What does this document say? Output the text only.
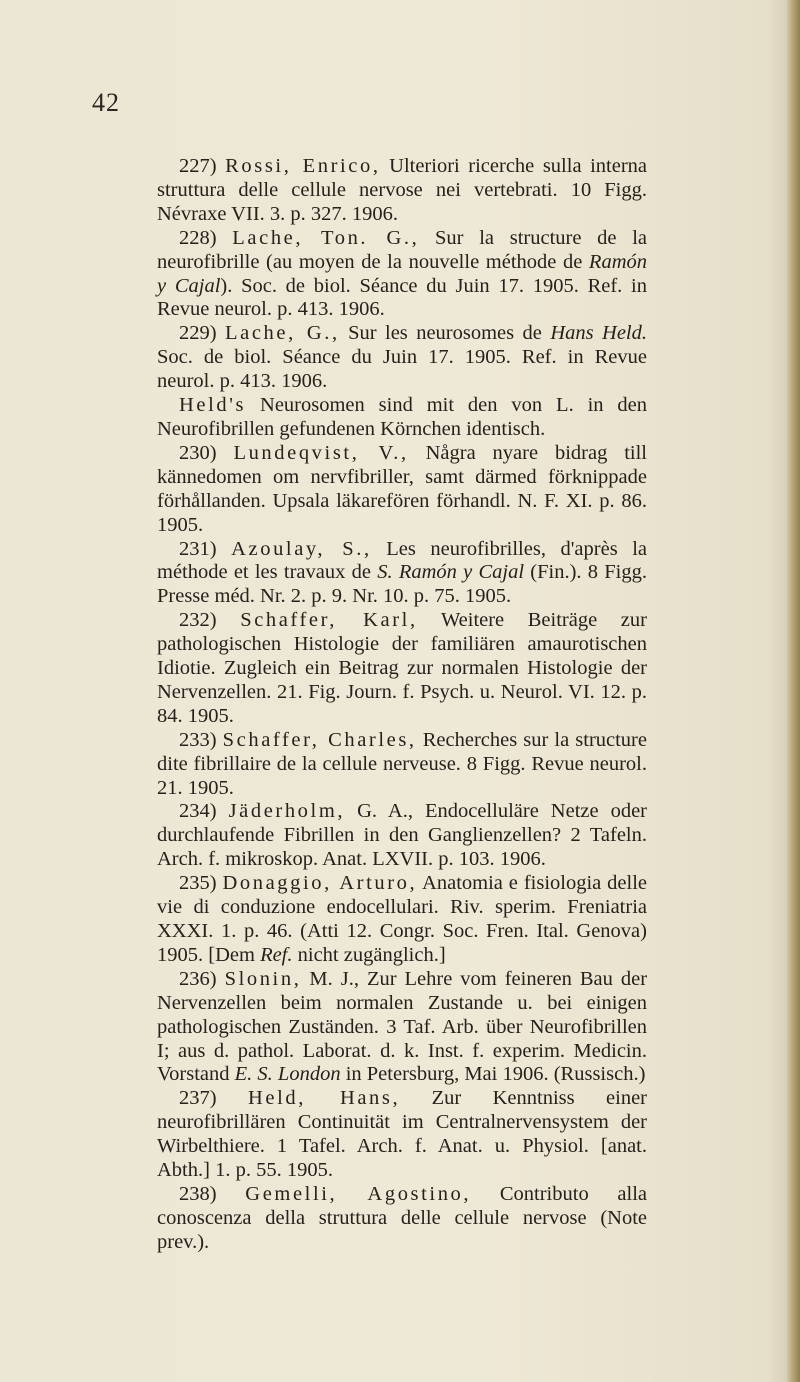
42

227) Rossi, Enrico, Ulteriori ricerche sulla interna struttura delle cellule nervose nei vertebrati. 10 Figg. Névraxe VII. 3. p. 327. 1906.

228) Lache, Ton. G., Sur la structure de la neurofibrille (au moyen de la nouvelle méthode de Ramón y Cajal). Soc. de biol. Séance du Juin 17. 1905. Ref. in Revue neurol. p. 413. 1906.

229) Lache, G., Sur les neurosomes de Hans Held. Soc. de biol. Séance du Juin 17. 1905. Ref. in Revue neurol. p. 413. 1906.

Held's Neurosomen sind mit den von L. in den Neurofibrillen gefundenen Körnchen identisch.

230) Lundeqvist, V., Några nyare bidrag till kännedomen om nervfibriller, samt därmed förknippade förhållanden. Upsala läkarefören förhandl. N. F. XI. p. 86. 1905.

231) Azoulay, S., Les neurofibrilles, d'après la méthode et les travaux de S. Ramón y Cajal (Fin.). 8 Figg. Presse méd. Nr. 2. p. 9. Nr. 10. p. 75. 1905.

232) Schaffer, Karl, Weitere Beiträge zur pathologischen Histologie der familiären amaurotischen Idiotie. Zugleich ein Beitrag zur normalen Histologie der Nervenzellen. 21. Fig. Journ. f. Psych. u. Neurol. VI. 12. p. 84. 1905.

233) Schaffer, Charles, Recherches sur la structure dite fibrillaire de la cellule nerveuse. 8 Figg. Revue neurol. 21. 1905.

234) Jäderholm, G. A., Endocelluläre Netze oder durchlaufende Fibrillen in den Ganglienzellen? 2 Tafeln. Arch. f. mikroskop. Anat. LXVII. p. 103. 1906.

235) Donaggio, Arturo, Anatomia e fisiologia delle vie di conduzione endocellulari. Riv. sperim. Freniatria XXXI. 1. p. 46. (Atti 12. Congr. Soc. Fren. Ital. Genova) 1905. [Dem Ref. nicht zugänglich.]

236) Slonin, M. J., Zur Lehre vom feineren Bau der Nervenzellen beim normalen Zustande u. bei einigen pathologischen Zuständen. 3 Taf. Arb. über Neurofibrillen I; aus d. pathol. Laborat. d. k. Inst. f. experim. Medicin. Vorstand E. S. London in Petersburg, Mai 1906. (Russisch.)

237) Held, Hans, Zur Kenntniss einer neurofibrillären Continuität im Centralnervensystem der Wirbelthiere. 1 Tafel. Arch. f. Anat. u. Physiol. [anat. Abth.] 1. p. 55. 1905.

238) Gemelli, Agostino, Contributo alla conoscenza della struttura delle cellule nervose (Note prev.).
